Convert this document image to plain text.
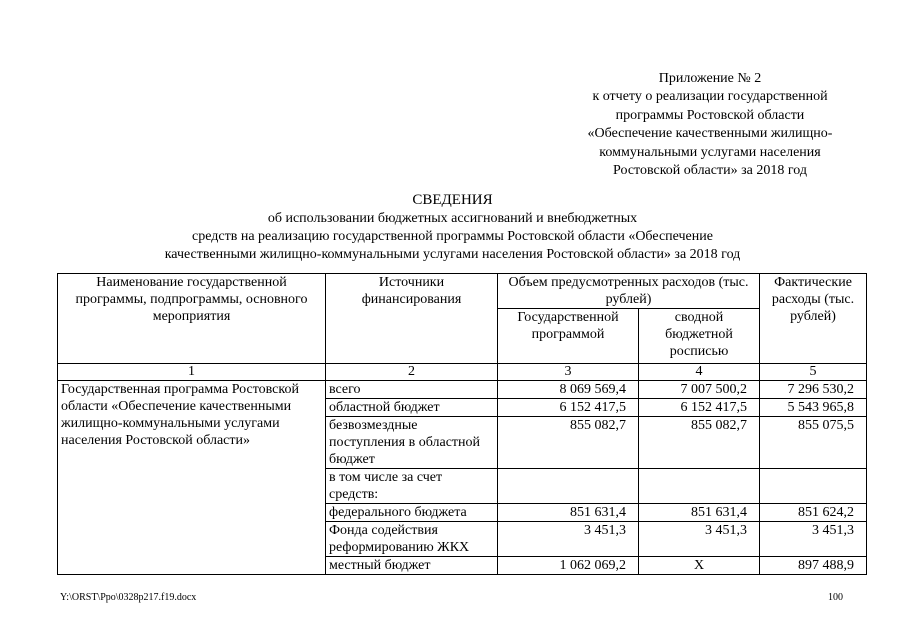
Приложение № 2
к отчету о реализации государственной
программы Ростовской области
«Обеспечение качественными жилищно-
коммунальными услугами населения
Ростовской области» за 2018 год
СВЕДЕНИЯ
об использовании бюджетных ассигнований и внебюджетных
средств на реализацию государственной программы Ростовской области «Обеспечение
качественными жилищно-коммунальными услугами населения Ростовской области» за 2018 год
Наименование государственной программы, подпрограммы, основного мероприятия	Источники финансирования	Объем предусмотренных расходов (тыс. рублей)		Фактические расходы (тыс. рублей)
		Государственной программой	сводной бюджетной росписью	
1	2	3	4	5
Государственная программа Ростовской области «Обеспечение качественными жилищно-коммунальными услугами населения Ростовской области»	всего	8 069 569,4	7 007 500,2	7 296 530,2
	областной бюджет	6 152 417,5	6 152 417,5	5 543 965,8
	безвозмездные поступления в областной бюджет	855 082,7	855 082,7	855 075,5
	в том числе за счет средств:			
	федерального бюджета	851 631,4	851 631,4	851 624,2
	Фонда содействия реформированию ЖКХ	3 451,3	3 451,3	3 451,3
	местный бюджет	1 062 069,2	X	897 488,9
Y:\ORST\Ppo\0328p217.f19.docx	100
